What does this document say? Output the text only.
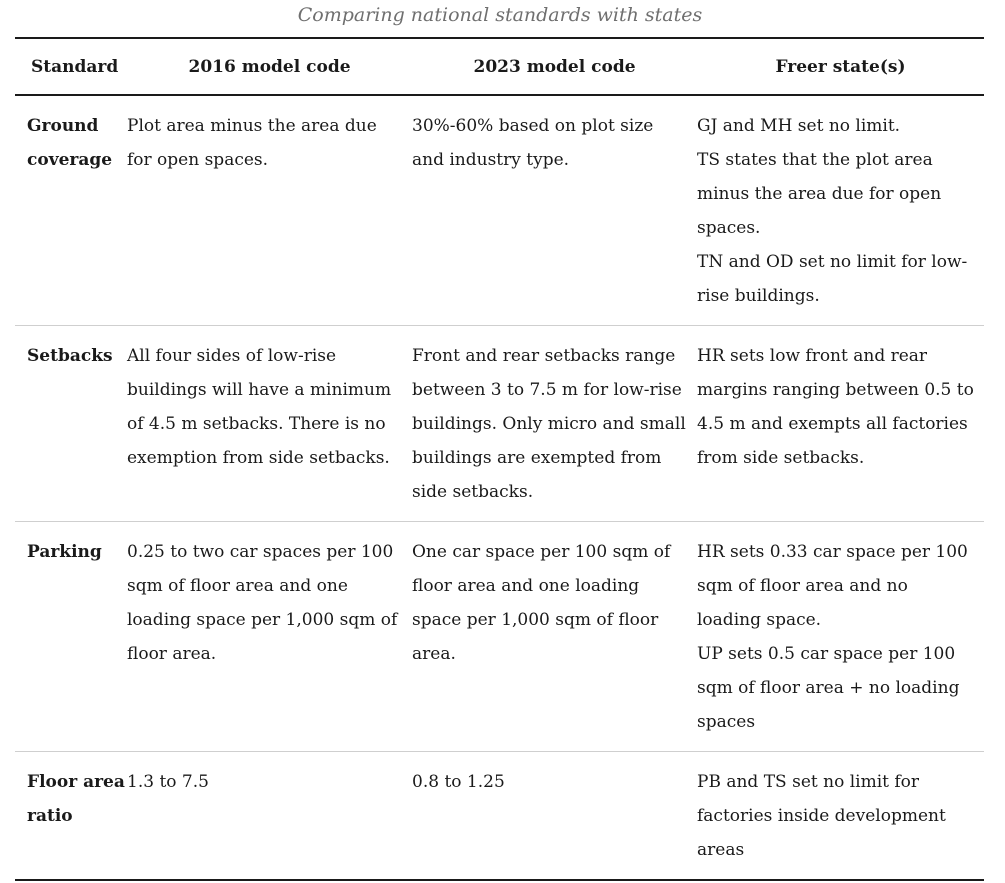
Comparing national standards with states
Standard	2016 model code	2023 model code	Freer state(s)
Ground coverage	Plot area minus the area due for open spaces.	30%-60% based on plot size and industry type.	GJ and MH set no limit.

TS states that the plot area minus the area due for open spaces.

TN and OD set no limit for low-rise buildings.

Setbacks	All four sides of low-rise buildings will have a minimum of 4.5 m setbacks. There is no exemption from side setbacks.	Front and rear setbacks range between 3 to 7.5 m for low-rise buildings. Only micro and small buildings are exempted from side setbacks.	HR sets low front and rear margins ranging between 0.5 to 4.5 m and exempts all factories from side setbacks.

Parking	0.25 to two car spaces per 100 sqm of floor area and one loading space per 1,000 sqm of floor area.	One car space per 100 sqm of floor area and one loading space per 1,000 sqm of floor area.	HR sets 0.33 car space per 100 sqm of floor area and no loading space.

UP sets 0.5 car space per 100 sqm of floor area + no loading spaces

Floor area ratio	1.3 to 7.5	0.8 to 1.25	PB and TS set no limit for factories inside development areas
